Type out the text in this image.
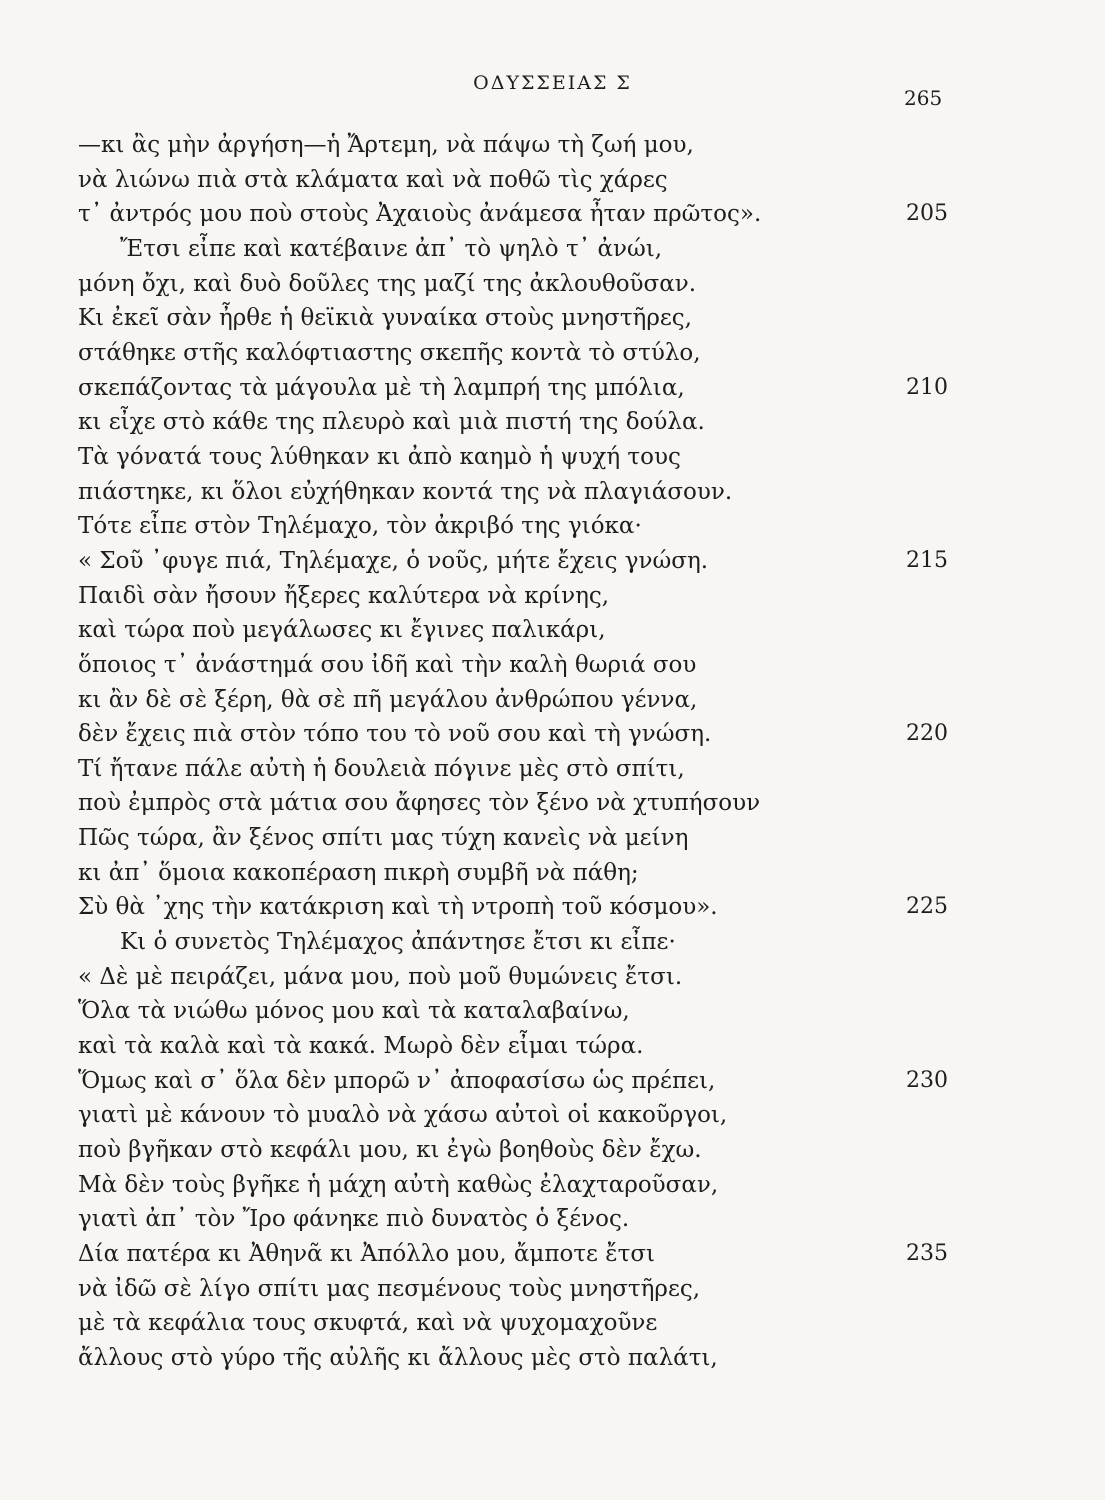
ΟΔΥΣΣΕΙΑΣ Σ
265
—κι ἂς μὴν ἀργήση—ἡ Ἄρτεμη, νὰ πάψω τὴ ζωή μου,
νὰ λιώνω πιὰ στὰ κλάματα καὶ νὰ ποθῶ τὶς χάρες
τ᾽ ἀντρός μου ποὺ στοὺς Ἀχαιοὺς ἀνάμεσα ἦταν πρῶτος».	205
Ἔτσι εἶπε καὶ κατέβαινε ἀπ᾽ τὸ ψηλὸ τ᾽ ἀνώι,
μόνη ὄχι, καὶ δυὸ δοῦλες της μαζί της ἀκλουθοῦσαν.
Κι ἐκεῖ σὰν ἦρθε ἡ θεϊκιὰ γυναίκα στοὺς μνηστῆρες,
στάθηκε στῆς καλόφτιαστης σκεπῆς κοντὰ τὸ στύλο,
σκεπάζοντας τὰ μάγουλα μὲ τὴ λαμπρή της μπόλια,	210
κι εἶχε στὸ κάθε της πλευρὸ καὶ μιὰ πιστή της δούλα.
Τὰ γόνατά τους λύθηκαν κι ἀπὸ καημὸ ἡ ψυχή τους
πιάστηκε, κι ὅλοι εὐχήθηκαν κοντά της νὰ πλαγιάσουν.
Τότε εἶπε στὸν Τηλέμαχο, τὸν ἀκριβό της γιόκα·
« Σοῦ ᾽φυγε πιά, Τηλέμαχε, ὁ νοῦς, μήτε ἔχεις γνώση.	215
Παιδὶ σὰν ἤσουν ἤξερες καλύτερα νὰ κρίνης,
καὶ τώρα ποὺ μεγάλωσες κι ἔγινες παλικάρι,
ὅποιος τ᾽ ἀνάστημά σου ἰδῆ καὶ τὴν καλὴ θωριά σου
κι ἂν δὲ σὲ ξέρη, θὰ σὲ πῆ μεγάλου ἀνθρώπου γέννα,
δὲν ἔχεις πιὰ στὸν τόπο του τὸ νοῦ σου καὶ τὴ γνώση.	220
Τί ἤτανε πάλε αὐτὴ ἡ δουλειὰ πόγινε μὲς στὸ σπίτι,
ποὺ ἐμπρὸς στὰ μάτια σου ἄφησες τὸν ξένο νὰ χτυπήσουν
Πῶς τώρα, ἂν ξένος σπίτι μας τύχη κανεὶς νὰ μείνη
κι ἀπ᾽ ὅμοια κακοπέραση πικρὴ συμβῆ νὰ πάθη;
Σὺ θὰ ᾽χης τὴν κατάκριση καὶ τὴ ντροπὴ τοῦ κόσμου».	225
Κι ὁ συνετὸς Τηλέμαχος ἀπάντησε ἔτσι κι εἶπε·
« Δὲ μὲ πειράζει, μάνα μου, ποὺ μοῦ θυμώνεις ἔτσι.
Ὅλα τὰ νιώθω μόνος μου καὶ τὰ καταλαβαίνω,
καὶ τὰ καλὰ καὶ τὰ κακά. Μωρὸ δὲν εἶμαι τώρα.
Ὅμως καὶ σ᾽ ὅλα δὲν μπορῶ ν᾽ ἀποφασίσω ὡς πρέπει,	230
γιατὶ μὲ κάνουν τὸ μυαλὸ νὰ χάσω αὐτοὶ οἱ κακοῦργοι,
ποὺ βγῆκαν στὸ κεφάλι μου, κι ἐγὼ βοηθοὺς δὲν ἔχω.
Μὰ δὲν τοὺς βγῆκε ἡ μάχη αὐτὴ καθὼς ἐλαχταροῦσαν,
γιατὶ ἀπ᾽ τὸν Ἴρο φάνηκε πιὸ δυνατὸς ὁ ξένος.
Δία πατέρα κι Ἀθηνᾶ κι Ἀπόλλο μου, ἄμποτε ἔτσι	235
νὰ ἰδῶ σὲ λίγο σπίτι μας πεσμένους τοὺς μνηστῆρες,
μὲ τὰ κεφάλια τους σκυφτά, καὶ νὰ ψυχομαχοῦνε
ἄλλους στὸ γύρο τῆς αὐλῆς κι ἄλλους μὲς στὸ παλάτι,
